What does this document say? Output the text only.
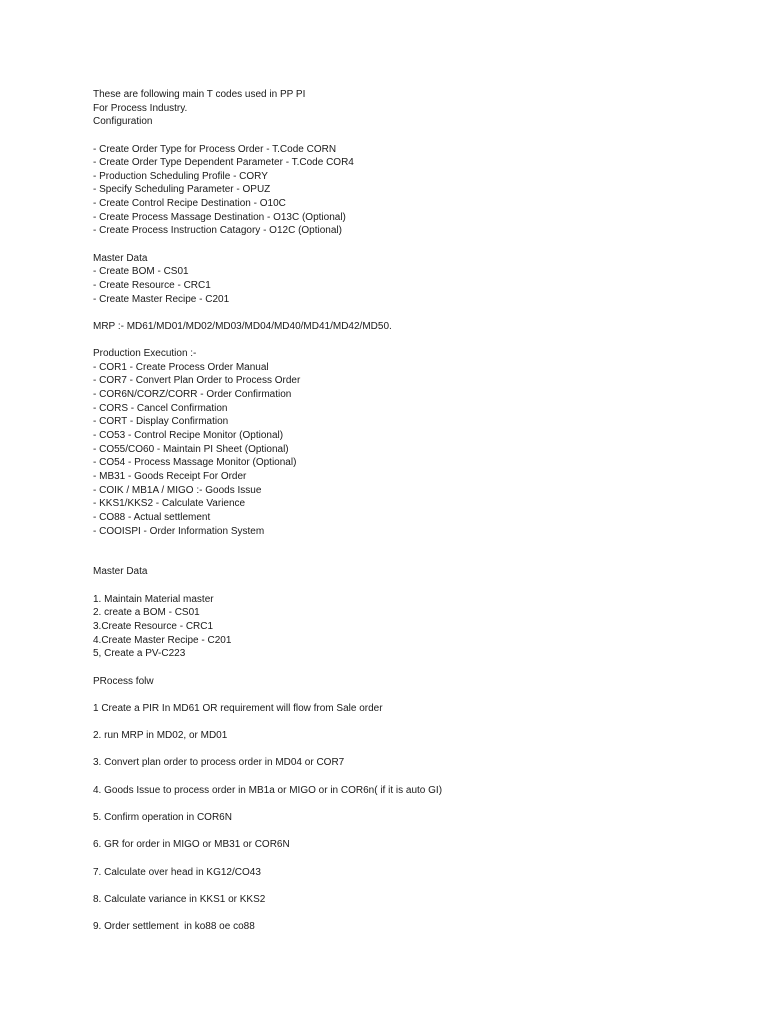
These are following main T codes used in PP PI
For Process Industry.
Configuration
- Create Order Type for Process Order - T.Code CORN
- Create Order Type Dependent Parameter - T.Code COR4
- Production Scheduling Profile - CORY
- Specify Scheduling Parameter - OPUZ
- Create Control Recipe Destination - O10C
- Create Process Massage Destination - O13C (Optional)
- Create Process Instruction Catagory - O12C (Optional)
Master Data
- Create BOM - CS01
- Create Resource - CRC1
- Create Master Recipe - C201
MRP :- MD61/MD01/MD02/MD03/MD04/MD40/MD41/MD42/MD50.
Production Execution :-
- COR1 - Create Process Order Manual
- COR7 - Convert Plan Order to Process Order
- COR6N/CORZ/CORR - Order Confirmation
- CORS - Cancel Confirmation
- CORT - Display Confirmation
- CO53 - Control Recipe Monitor (Optional)
- CO55/CO60 - Maintain PI Sheet (Optional)
- CO54 - Process Massage Monitor (Optional)
- MB31 - Goods Receipt For Order
- COIK / MB1A / MIGO :- Goods Issue
- KKS1/KKS2 - Calculate Varience
- CO88 - Actual settlement
- COOISPI - Order Information System
Master Data
1. Maintain Material master
2. create a BOM - CS01
3.Create Resource - CRC1
4.Create Master Recipe - C201
5, Create a PV-C223
PRocess folw
1 Create a PIR In MD61 OR requirement will flow from Sale order
2. run MRP in MD02, or MD01
3. Convert plan order to process order in MD04 or COR7
4. Goods Issue to process order in MB1a or MIGO or in COR6n( if it is auto GI)
5. Confirm operation in COR6N
6. GR for order in MIGO or MB31 or COR6N
7. Calculate over head in KG12/CO43
8. Calculate variance in KKS1 or KKS2
9. Order settlement  in ko88 oe co88
